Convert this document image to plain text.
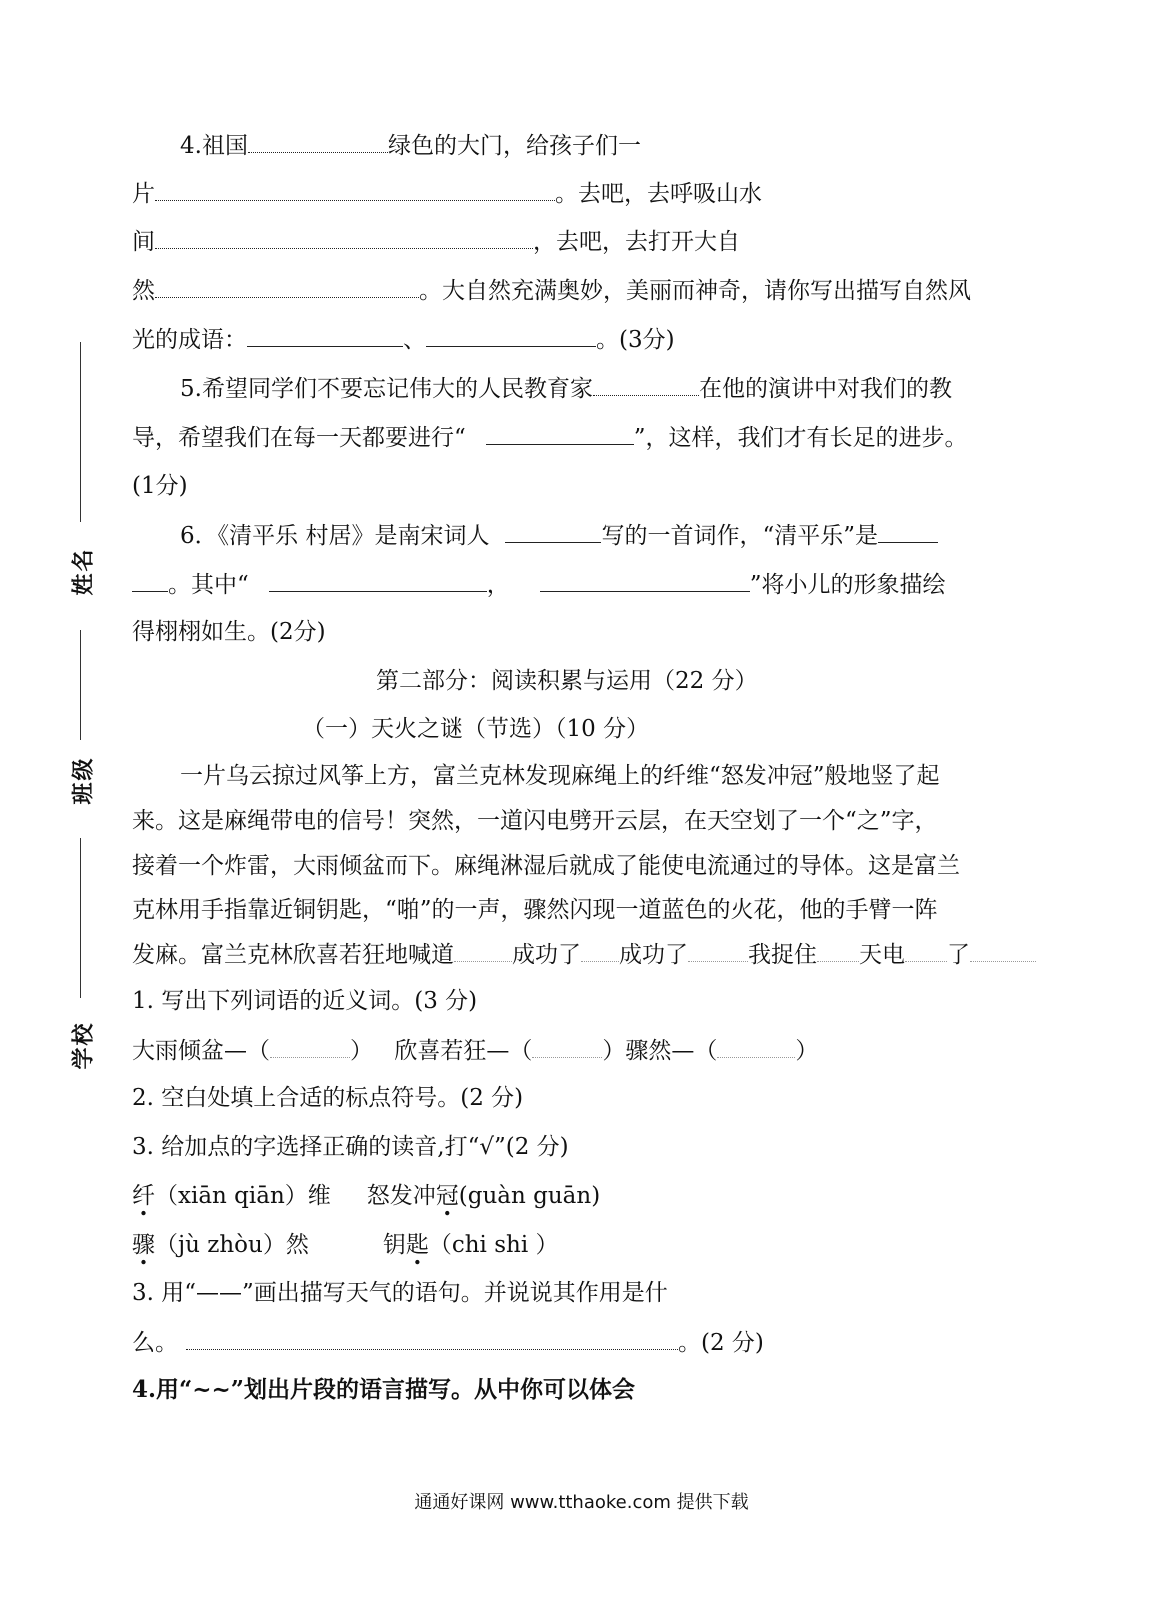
姓名
班级
学校
4.祖国	绿色的大门，给孩子们一
片	。去吧，去呼吸山水
间	，去吧，去打开大自
然	。大自然充满奥妙，美丽而神奇，请你写出描写自然风
光的成语：	、	。(3分)
5.希望同学们不要忘记伟大的人民教育家	在他的演讲中对我们的教
导，希望我们在每一天都要进行“	”，这样，我们才有长足的进步。
(1分)
6．《清平乐 村居》是南宋词人	写的一首词作，“清平乐”是
。其中“	，	”将小儿的形象描绘
得栩栩如生。(2分)
第二部分：阅读积累与运用（22 分）
（一）天火之谜（节选）（10 分）
一片乌云掠过风筝上方，富兰克林发现麻绳上的纤维“怒发冲冠”般地竖了起
来。这是麻绳带电的信号！突然，一道闪电劈开云层，在天空划了一个“之”字，
接着一个炸雷，大雨倾盆而下。麻绳淋湿后就成了能使电流通过的导体。这是富兰
克林用手指靠近铜钥匙，“啪”的一声，骤然闪现一道蓝色的火花，他的手臂一阵
发麻。富兰克林欣喜若狂地喊道	成功了 成功了	我捉住 天电 了
1. 写出下列词语的近义词。(3 分)
大雨倾盆—（	） 欣喜若狂—（	）骤然—（	）
2. 空白处填上合适的标点符号。(2 分)
3. 给加点的字选择正确的读音,打“√”(2 分)
纤（xiān qiān）维 怒发冲冠(guàn guān)
骤（jù zhòu）然	钥匙（chi shi ）
3. 用“——”画出描写天气的语句。并说说其作用是什
么。	。(2 分)
4.用“~~”划出片段的语言描写。从中你可以体会
通通好课网 www.tthaoke.com 提供下载
